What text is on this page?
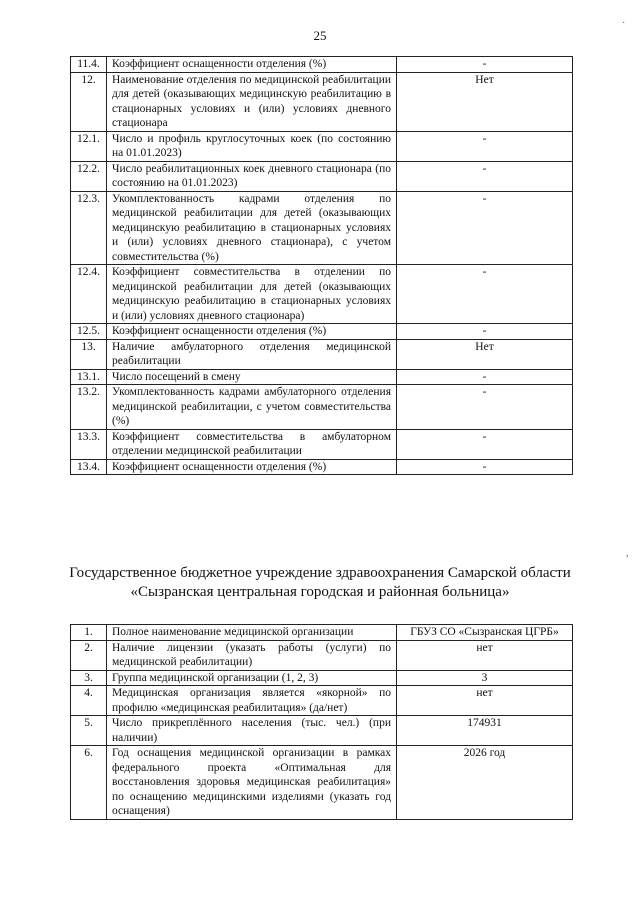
25
11.4.	Коэффициент оснащенности отделения (%)	-
12.	Наименование отделения по медицинской реабилитации для детей (оказывающих медицинскую реабилитацию в стационарных условиях и (или) условиях дневного стационара	Нет
12.1.	Число и профиль круглосуточных коек (по состоянию на 01.01.2023)	-
12.2.	Число реабилитационных коек дневного стационара (по состоянию на 01.01.2023)	-
12.3.	Укомплектованность кадрами отделения по медицинской реабилитации для детей (оказывающих медицинскую реабилитацию в стационарных условиях и (или) условиях дневного стационара), с учетом совместительства (%)	-
12.4.	Коэффициент совместительства в отделении по медицинской реабилитации для детей (оказывающих медицинскую реабилитацию в стационарных условиях и (или) условиях дневного стационара)	-
12.5.	Коэффициент оснащенности отделения (%)	-
13.	Наличие амбулаторного отделения медицинской реабилитации	Нет
13.1.	Число посещений в смену	-
13.2.	Укомплектованность кадрами амбулаторного отделения медицинской реабилитации, с учетом совместительства (%)	-
13.3.	Коэффициент совместительства в амбулаторном отделении медицинской реабилитации	-
13.4.	Коэффициент оснащенности отделения (%)	-
·
,
Государственное бюджетное учреждение здравоохранения Самарской области «Сызранская центральная городская и районная больница»
1.	Полное наименование медицинской организации	ГБУЗ СО «Сызранская ЦГРБ»
2.	Наличие лицензии (указать работы (услуги) по медицинской реабилитации)	нет
3.	Группа медицинской организации (1, 2, 3)	3
4.	Медицинская организация является «якорной» по профилю «медицинская реабилитация» (да/нет)	нет
5.	Число прикреплённого населения (тыс. чел.) (при наличии)	174931
6.	Год оснащения медицинской организации в рамках федерального проекта «Оптимальная для восстановления здоровья медицинская реабилитация» по оснащению медицинскими изделиями (указать год оснащения)	2026 год
